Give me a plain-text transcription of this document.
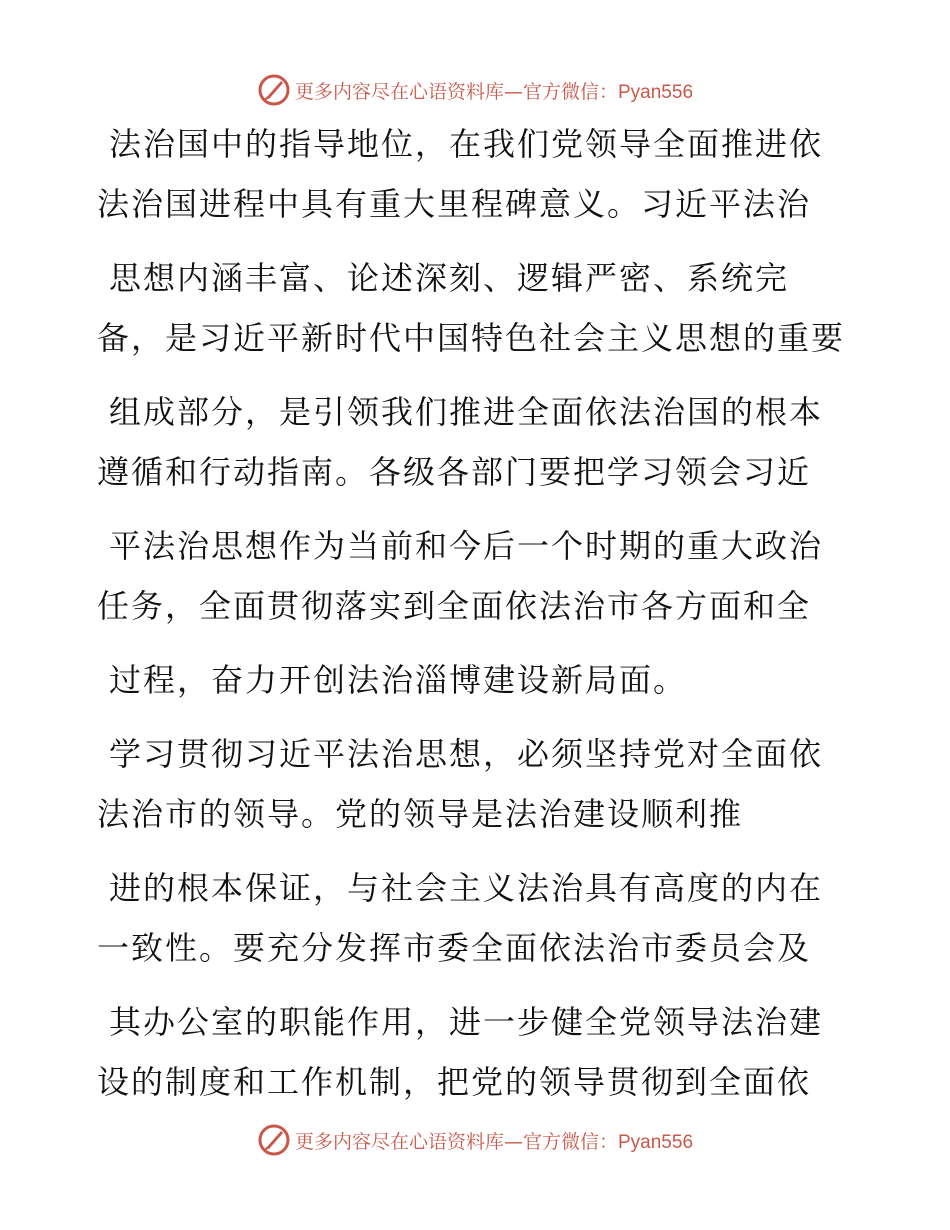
更多内容尽在心语资料库—官方微信：Pyan556
法治国中的指导地位，在我们党领导全面推进依
法治国进程中具有重大里程碑意义。习近平法治
思想内涵丰富、论述深刻、逻辑严密、系统完
备，是习近平新时代中国特色社会主义思想的重要
组成部分，是引领我们推进全面依法治国的根本
遵循和行动指南。各级各部门要把学习领会习近
平法治思想作为当前和今后一个时期的重大政治
任务，全面贯彻落实到全面依法治市各方面和全
过程，奋力开创法治淄博建设新局面。
学习贯彻习近平法治思想，必须坚持党对全面依
法治市的领导。党的领导是法治建设顺利推
进的根本保证，与社会主义法治具有高度的内在
一致性。要充分发挥市委全面依法治市委员会及
其办公室的职能作用，进一步健全党领导法治建
设的制度和工作机制，把党的领导贯彻到全面依
更多内容尽在心语资料库—官方微信：Pyan556
